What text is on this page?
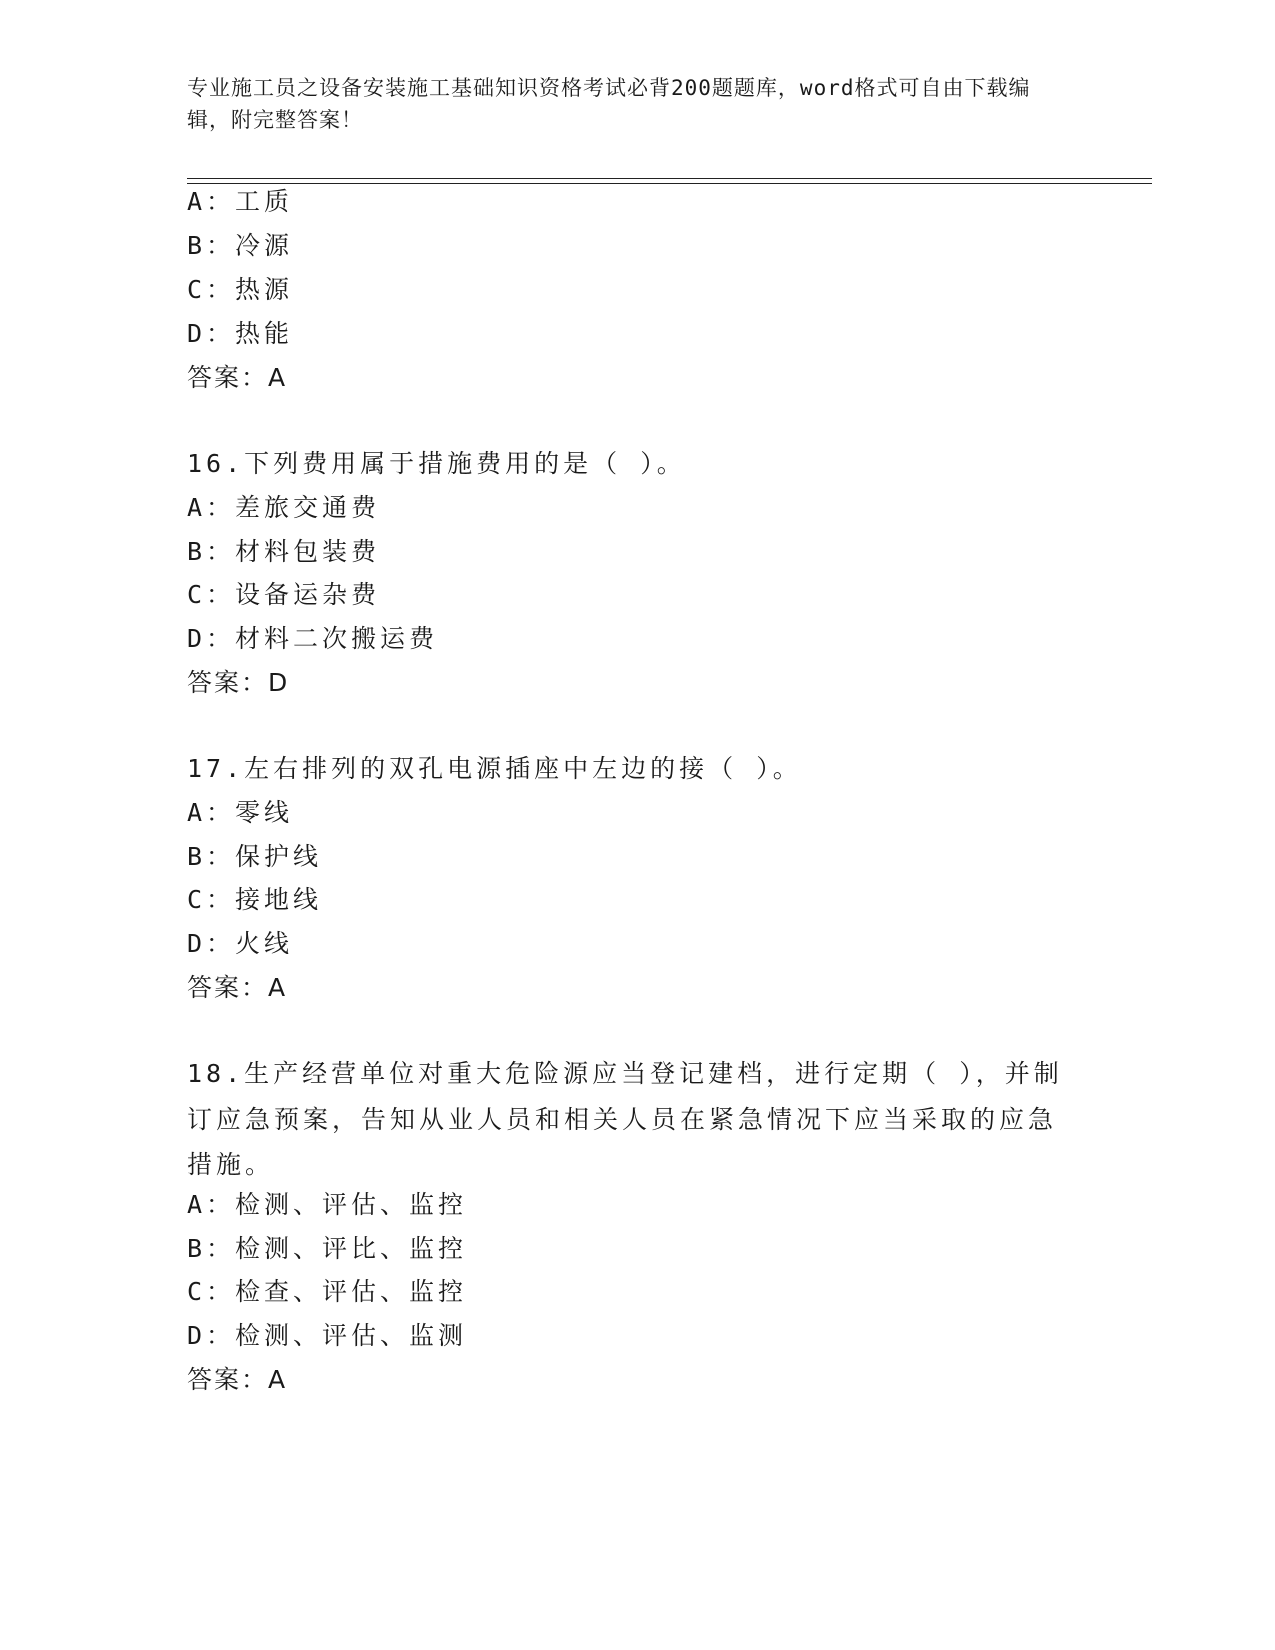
专业施工员之设备安装施工基础知识资格考试必背200题题库，word格式可自由下载编辑，附完整答案！
A：工质
B：冷源
C：热源
D：热能
答案：A
16.下列费用属于措施费用的是（ ）。
A：差旅交通费
B：材料包装费
C：设备运杂费
D：材料二次搬运费
答案：D
17.左右排列的双孔电源插座中左边的接（ ）。
A：零线
B：保护线
C：接地线
D：火线
答案：A
18.生产经营单位对重大危险源应当登记建档，进行定期（ ），并制订应急预案，告知从业人员和相关人员在紧急情况下应当采取的应急措施。
A：检测、评估、监控
B：检测、评比、监控
C：检查、评估、监控
D：检测、评估、监测
答案：A
